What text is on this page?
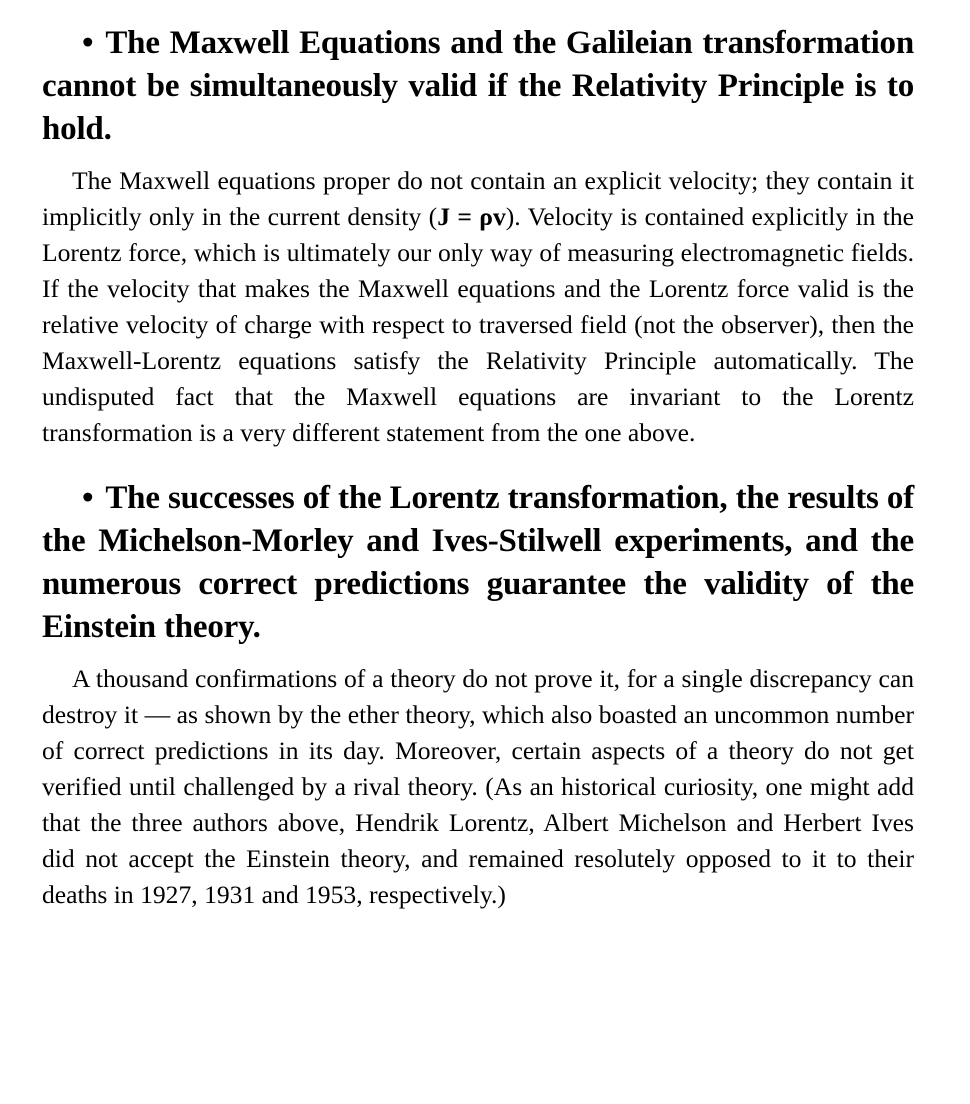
• The Maxwell Equations and the Galileian transformation cannot be simultaneously valid if the Relativity Principle is to hold.

The Maxwell equations proper do not contain an explicit velocity; they contain it implicitly only in the current density (J = ρv). Velocity is contained explicitly in the Lorentz force, which is ultimately our only way of measuring electromagnetic fields. If the velocity that makes the Maxwell equations and the Lorentz force valid is the relative velocity of charge with respect to traversed field (not the observer), then the Maxwell-Lorentz equations satisfy the Relativity Principle automatically. The undisputed fact that the Maxwell equations are invariant to the Lorentz transformation is a very different statement from the one above.

• The successes of the Lorentz transformation, the results of the Michelson-Morley and Ives-Stilwell experiments, and the numerous correct predictions guarantee the validity of the Einstein theory.

A thousand confirmations of a theory do not prove it, for a single discrepancy can destroy it — as shown by the ether theory, which also boasted an uncommon number of correct predictions in its day. Moreover, certain aspects of a theory do not get verified until challenged by a rival theory. (As an historical curiosity, one might add that the three authors above, Hendrik Lorentz, Albert Michelson and Herbert Ives did not accept the Einstein theory, and remained resolutely opposed to it to their deaths in 1927, 1931 and 1953, respectively.)
